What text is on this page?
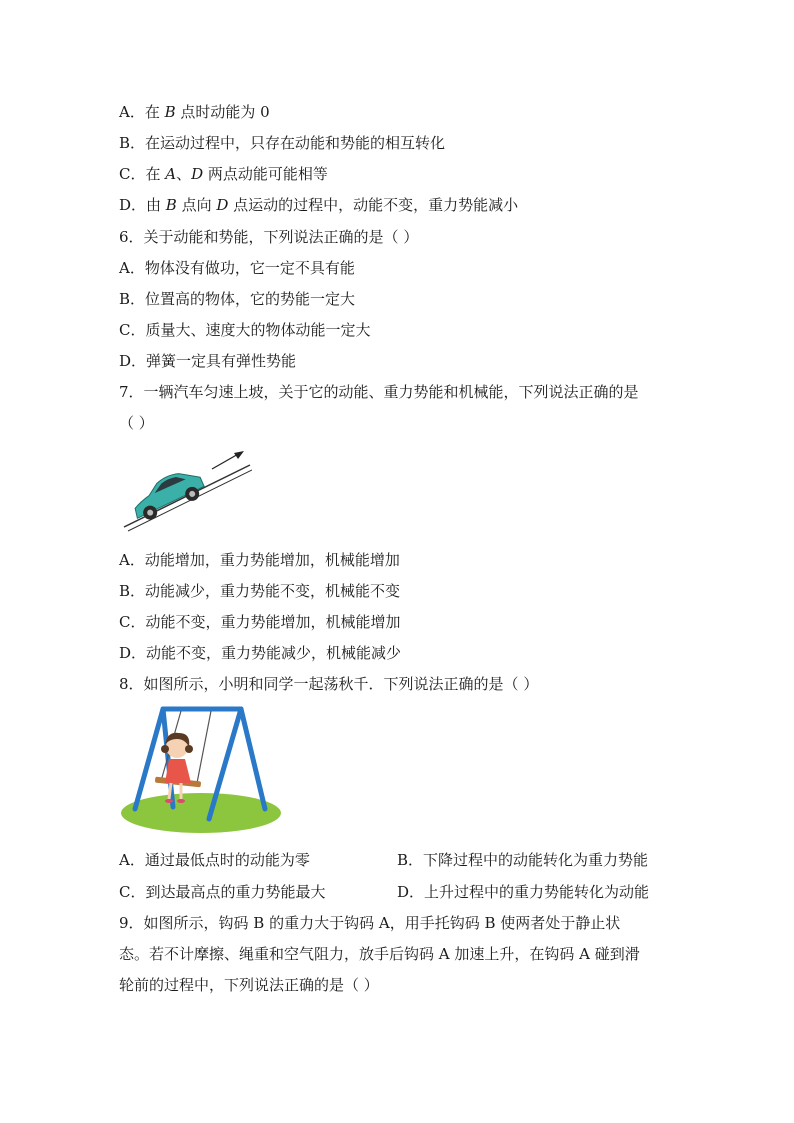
A．在 B 点时动能为 0
B．在运动过程中，只存在动能和势能的相互转化
C．在 A、D 两点动能可能相等
D．由 B 点向 D 点运动的过程中，动能不变，重力势能减小
6．关于动能和势能，下列说法正确的是（ ）
A．物体没有做功，它一定不具有能
B．位置高的物体，它的势能一定大
C．质量大、速度大的物体动能一定大
D．弹簧一定具有弹性势能
7．一辆汽车匀速上坡，关于它的动能、重力势能和机械能，下列说法正确的是
（ ）
A．动能增加，重力势能增加，机械能增加
B．动能减少，重力势能不变，机械能不变
C．动能不变，重力势能增加，机械能增加
D．动能不变，重力势能减少，机械能减少
8．如图所示，小明和同学一起荡秋千．下列说法正确的是（ ）
A．通过最低点时的动能为零	B．下降过程中的动能转化为重力势能
C．到达最高点的重力势能最大	D．上升过程中的重力势能转化为动能
9．如图所示，钩码 B 的重力大于钩码 A，用手托钩码 B 使两者处于静止状
态。若不计摩擦、绳重和空气阻力，放手后钩码 A 加速上升，在钩码 A 碰到滑
轮前的过程中，下列说法正确的是（ ）
